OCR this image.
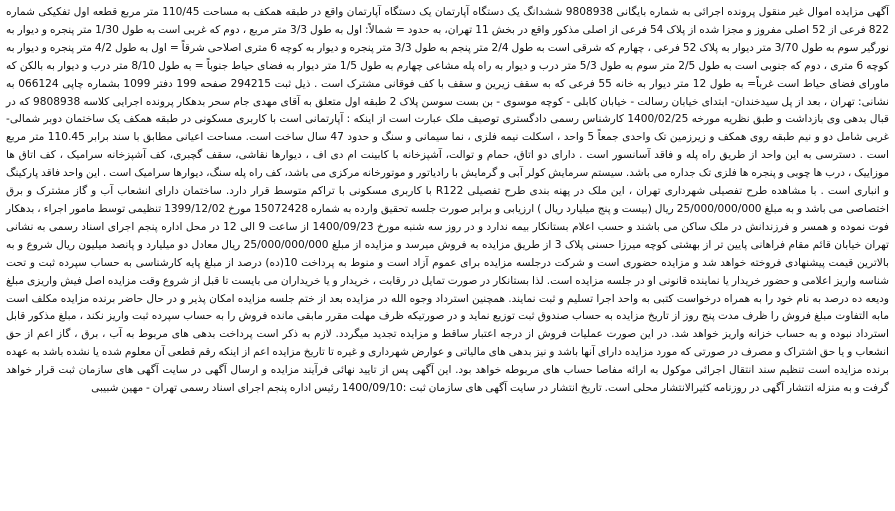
آگهی مزایده اموال غیر منقول پرونده اجرائی به شماره بایگانی 9808938 ششدانگ یک دستگاه آپارتمان یک دستگاه آپارتمان واقع در طبقه همکف به مساحت 110/45 متر مربع قطعه اول تفکیکی شماره 822 فرعی از 52 اصلی مفروز و مجزا شده از پلاک 54 فرعی از اصلی مذکور واقع در بخش 11 تهران، به حدود = شمالاً: اول به طول 3/3 متر مربع ، دوم که غربی است به طول 1/30 متر پنجره و دیوار به نورگیر سوم به طول 3/70 متر دیوار به پلاک 52 فرعی ، چهارم که شرقی است به طول 2/4 متر پنجم به طول 3/3 متر پنجره و دیوار به کوچه 6 متری اصلاحی شرقاً = اول به طول 4/2 متر پنجره و دیوار به کوچه 6 متری ، دوم که جنوبی است به طول 2/5 متر سوم به طول 5/3 متر درب و دیوار به راه پله مشاعی چهارم به طول 1/5 متر دیوار به فضای حیاط جنوباً = به طول 8/10 متر درب و دیوار به بالکن که ماورای فضای حیاط است غرباً= به طول 12 متر دیوار به خانه 55 فرعی که به سقف زیرین و سقف با کف فوقانی مشترک است . ذیل ثبت 294215 صفحه 199 دفتر 1099 بشماره چاپی 066124 به نشانی: تهران ، بعد از پل سیدخندان- ابتدای خیابان رسالت - خیابان کابلی - کوچه موسوی - بن بست سوسن پلاک 2 طبقه اول متعلق به آقای مهدی جام سحر بدهکار پرونده اجرایی کلاسه 9808938 که در قبال بدهی وی بازداشت و طبق نظریه مورخه 1400/02/25 کارشناس رسمی دادگستری توصیف ملک عبارت است از اینکه : آپارتمانی است با کاربری مسکونی در طبقه همکف یک ساختمان دوبر شمالی-غربی شامل دو و نیم طبقه روی همکف و زیرزمین تک واحدی جمعاً 5 واحد ، اسکلت نیمه فلزی ، نما سیمانی و سنگ و حدود 47 سال ساخت است. مساحت اعیانی مطابق با سند برابر 110.45 متر مربع است . دسترسی به این واحد از طریق راه پله و فاقد آسانسور است . دارای دو اتاق، حمام و توالت، آشپزخانه با کابینت ام دی اف ، دیوارها نقاشی، سقف گچبری، کف آشپزخانه سرامیک ، کف اتاق ها موزاییک ، درب ها چوبی و پنجره ها فلزی تک جداره می باشد. سیستم سرمایش کولر آبی و گرمایش با رادیاتور و موتورخانه مرکزی می باشد، کف راه پله سنگ، دیوارها سرامیک است . این واحد فاقد پارکینگ و انباری است . با مشاهده طرح تفصیلی شهرداری تهران ، این ملک در پهنه بندی طرح تفصیلی R122 با کاربری مسکونی با تراکم متوسط قرار دارد. ساختمان دارای انشعاب آب و گاز مشترک و برق اختصاصی می باشد و به مبلغ 25/000/000/000 ریال (بیست و پنج میلیارد ریال ) ارزیابی و برابر صورت جلسه تحقیق وارده به شماره 15072428 مورخ 1399/12/02 تنظیمی توسط مامور اجراء ، بدهکار فوت نموده و همسر و فرزندانش در ملک ساکن می باشند و حسب اعلام بستانکار بیمه ندارد و در روز سه شنبه مورخ 1400/09/23 از ساعت 9 الی 12 در محل اداره پنجم اجرای اسناد رسمی به نشانی تهران خیابان قائم مقام فراهانی پایین تر از بهشتی کوچه میرزا حسنی پلاک 3 از طریق مزایده به فروش میرسد و مزایده از مبلغ 25/000/000/000 ریال معادل دو میلیارد و پانصد میلیون ریال شروع و به بالاترین قیمت پیشنهادی فروخته خواهد شد و مزایده حضوری است و شرکت درجلسه مزایده برای عموم آزاد است و منوط به پرداخت 10(ده) درصد از مبلغ پایه کارشناسی به حساب سپرده ثبت و تحت شناسه واریز اعلامی و حضور خریدار یا نماینده قانونی او در جلسه مزایده است. لذا بستانکار در صورت تمایل در رقابت ، خریدار و یا خریداران می بایست تا قبل از شروع وقت مزایده اصل فیش واریزی مبلغ ودیعه ده درصد به نام خود را به همراه درخواست کتبی به واحد اجرا تسلیم و ثبت نمایند. همچنین استرداد وجوه الله در مزایده بعد از ختم جلسه مزایده امکان پذیر و در حال حاضر برنده مزایده مکلف است مابه التفاوت مبلغ فروش را ظرف مدت پنج روز از تاریخ مزایده به حساب صندوق ثبت توزیع نماید و در صورتیکه ظرف مهلت مقرر مابقی مانده فروش را به حساب سپرده ثبت واریز نکند ، مبلغ مذکور قابل استرداد نبوده و به حساب خزانه واریز خواهد شد. در این صورت عملیات فروش از درجه اعتبار ساقط و مزایده تجدید میگردد. لازم به ذکر است پرداخت بدهی های مربوط به آب ، برق ، گاز اعم از حق انشعاب و یا حق اشتراک و مصرف در صورتی که مورد مزایده دارای آنها باشد و نیز بدهی های مالیاتی و عوارض شهرداری و غیره تا تاریخ مزایده اعم از اینکه رقم قطعی آن معلوم شده یا نشده باشد به عهده برنده مزایده است تنظیم سند انتقال اجرائی موکول به ارائه مفاصا حساب های مربوطه خواهد بود. این آگهی پس از تایید نهائی فرآیند مزایده و ارسال آگهی در سایت آگهی های سازمان ثبت قرار خواهد گرفت و به منزله انتشار آگهی در روزنامه کثیرالانتشار محلی است. تاریخ انتشار در سایت آگهی های سازمان ثبت :1400/09/10 رئیس اداره پنجم اجرای اسناد رسمی تهران - مهین شبیبی
